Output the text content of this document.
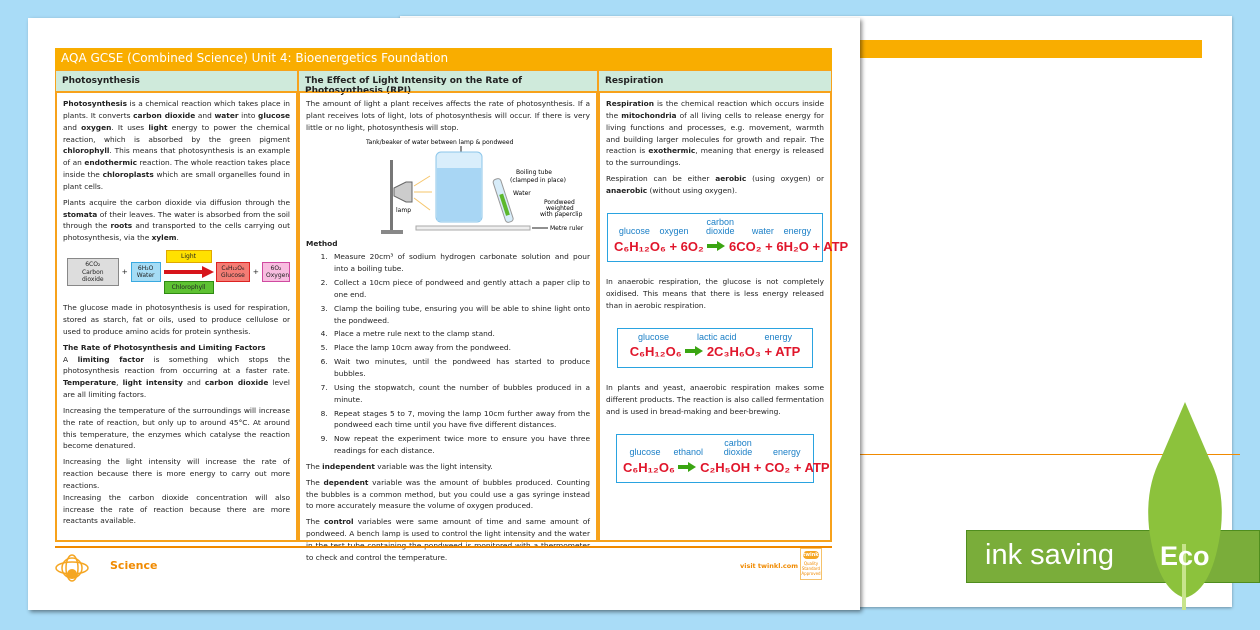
AQA GCSE (Combined Science) Unit 4: Bioenergetics Foundation
Photosynthesis	The Effect of Light Intensity on the Rate of Photosynthesis (RPI)
Respiration

Photosynthesis is a chemical reaction which takes place in plants. It converts carbon dioxide and water into glucose and oxygen. It uses light energy to power the chemical reaction, which is absorbed by the green pigment chlorophyll. This means that photosynthesis is an example of an endothermic reaction. The whole reaction takes place inside the chloroplasts which are small organelles found in plant cells.

Plants acquire the carbon dioxide via diffusion through the stomata of their leaves. The water is absorbed from the soil through the roots and transported to the cells carrying out photosynthesis, via the xylem.

6CO₂
Carbon dioxide
+	6H₂O
Water
Light
Chlorophyll
C₆H₁₂O₆
Glucose +	6O₂
Oxygen

The glucose made in photosynthesis is used for respiration, stored as starch, fat or oils, used to produce cellulose or used to produce amino acids for protein synthesis.

The Rate of Photosynthesis and Limiting Factors

A limiting factor is something which stops the photosynthesis reaction from occurring at a faster rate. Temperature, light intensity and carbon dioxide level are all limiting factors.

Increasing the temperature of the surroundings will increase the rate of reaction, but only up to around 45°C. At around this temperature, the enzymes which catalyse the reaction become denatured.

Increasing the light intensity will increase the rate of reaction because there is more energy to carry out more reactions.

Increasing the carbon dioxide concentration will also increase the rate of reaction because there are more reactants available.

The amount of light a plant receives affects the rate of photosynthesis. If a plant receives lots of light, lots of photosynthesis will occur. If there is very little or no light, photosynthesis will stop.

Tank/beaker of water between lamp & pondweed
lamp
Boiling tube
(clamped in place)
Water
Pondweed
weighted
with paperclip
Metre ruler
Method
1. Measure 20cm³ of sodium hydrogen carbonate solution and pour into a boiling tube.
2. Collect a 10cm piece of pondweed and gently attach a paper clip to one end.
3. Clamp the boiling tube, ensuring you will be able to shine light onto the pondweed.
4. Place a metre rule next to the clamp stand.
5. Place the lamp 10cm away from the pondweed.
6. Wait two minutes, until the pondweed has started to produce bubbles.
7. Using the stopwatch, count the number of bubbles produced in a minute.
8. Repeat stages 5 to 7, moving the lamp 10cm further away from the pondweed each time until you have five different distances.
9. Now repeat the experiment twice more to ensure you have three readings for each distance.

The independent variable was the light intensity.

The dependent variable was the amount of bubbles produced. Counting the bubbles is a common method, but you could use a gas syringe instead to more accurately measure the volume of oxygen produced.

The control variables were same amount of time and same amount of pondweed. A bench lamp is used to control the light intensity and the water to check and control the temperature.

Respiration is the chemical reaction which occurs inside the mitochondria of all living cells to release energy for living functions and processes, e.g. movement, warmth and building larger molecules for growth and repair. The reaction is exothermic, meaning that energy is released to the surroundings.

Respiration can be either aerobic (using oxygen) or anaerobic (without using oxygen).

glucose oxygen
carbon dioxide	water energy
C₆H₁₂O₆ + 6O₂  6CO₂ + 6H₂O + ATP

In anaerobic respiration, the glucose is not completely oxidised. This means that there is less energy released than in aerobic respiration.

glucose	lactic acid	energy
C₆H₁₂O₆  2C₃H₆O₃ + ATP

In plants and yeast, anaerobic respiration makes some different products. The reaction is also called fermentation and is used in bread-making and beer-brewing.

glucose ethanol
carbon dioxide	energy
C₆H₁₂O₆  C₂H₅OH + CO₂ + ATP
Science	visit twinkl.com
twinkl
Quality Standard Approved
ink saving	Eco
